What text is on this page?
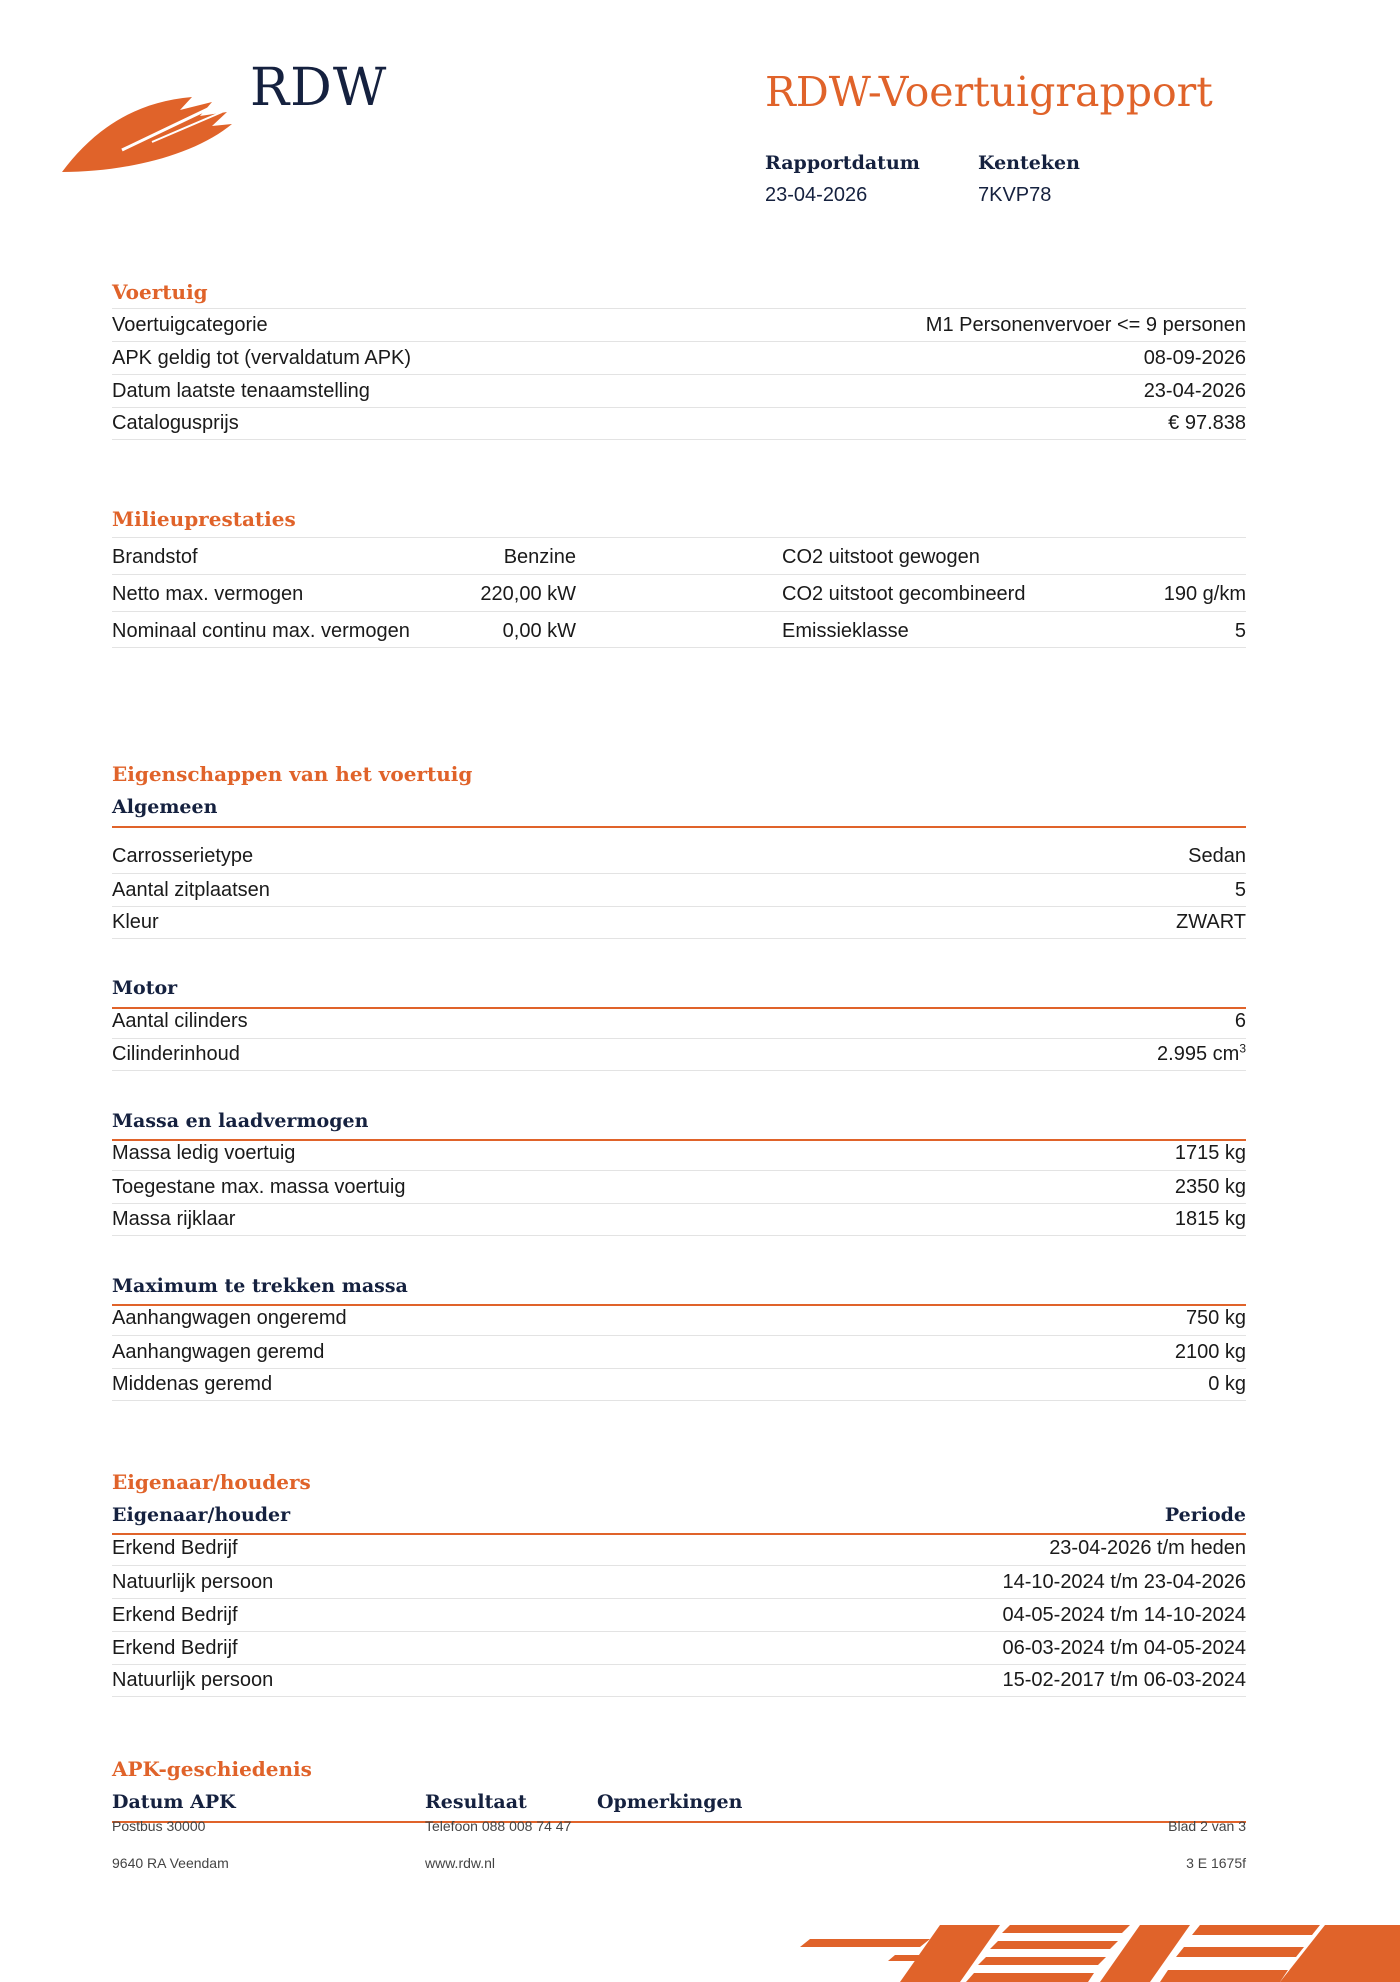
RDW	RDW-Voertuigrapport
Rapportdatum
23-04-2026
Kenteken
7KVP78
Voertuig
Voertuigcategorie	M1 Personenvervoer <= 9 personen
APK geldig tot (vervaldatum APK)	08-09-2026
Datum laatste tenaamstelling	23-04-2026
Catalogusprijs	€ 97.838
Milieuprestaties
Brandstof	Benzine	CO2 uitstoot gewogen
Netto max. vermogen	220,00 kW	CO2 uitstoot gecombineerd	190 g/km
Nominaal continu max. vermogen	0,00 kW	Emissieklasse	5
Eigenschappen van het voertuig
Algemeen
Carrosserietype	Sedan
Aantal zitplaatsen	5
Kleur	ZWART
Motor
Aantal cilinders	6
Cilinderinhoud	2.995 $cm^3$
Massa en laadvermogen
Massa ledig voertuig	1715 kg
Toegestane max. massa voertuig	2350 kg
Massa rijklaar	1815 kg
Maximum te trekken massa
Aanhangwagen ongeremd	750 kg
Aanhangwagen geremd	2100 kg
Middenas geremd	0 kg
Eigenaar/houders
Eigenaar/houder	Periode
Erkend Bedrijf	23-04-2026 t/m heden
Natuurlijk persoon	14-10-2024 t/m 23-04-2026
Erkend Bedrijf	04-05-2024 t/m 14-10-2024
Erkend Bedrijf	06-03-2024 t/m 04-05-2024
Natuurlijk persoon	15-02-2017 t/m 06-03-2024
APK-geschiedenis
Datum APK	Resultaat	Opmerkingen
Postbus 30000
9640 RA Veendam
Telefoon 088 008 74 47
www.rdw.nl
Blad 2 van 3
3 E 1675f
